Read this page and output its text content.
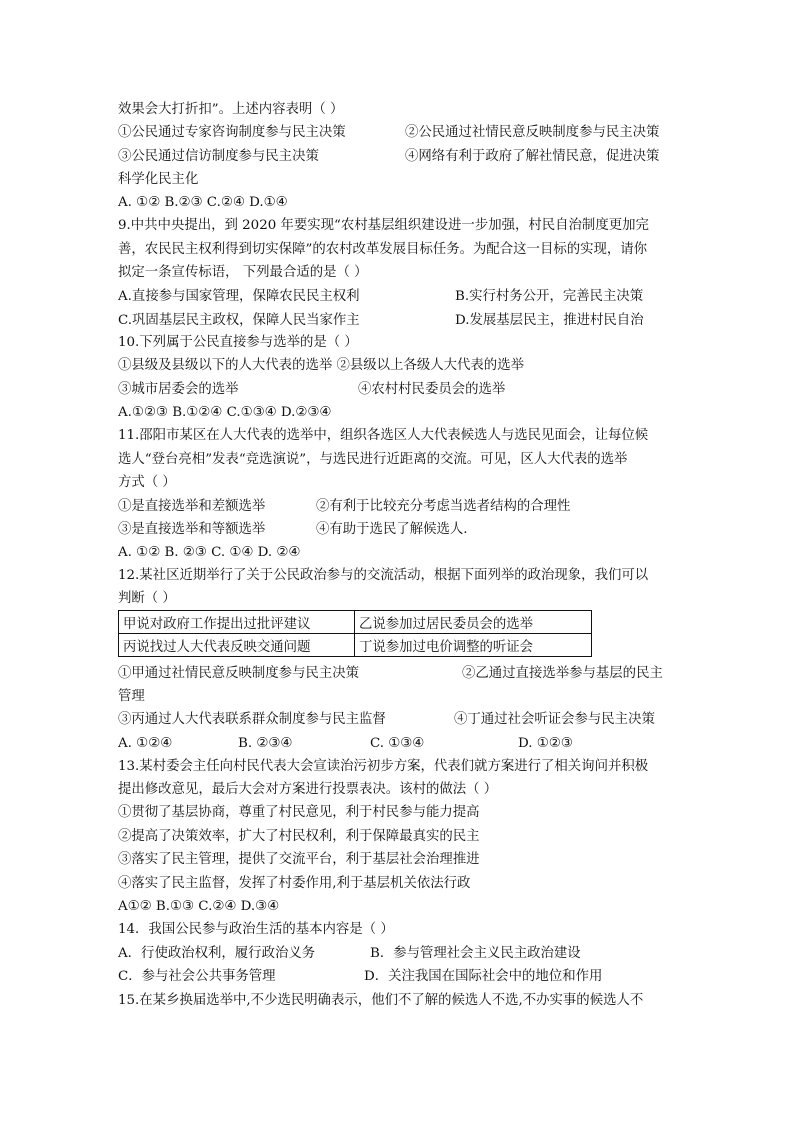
效果会大打折扣”。上述内容表明（ ）
①公民通过专家咨询制度参与民主决策	②公民通过社情民意反映制度参与民主决策
③公民通过信访制度参与民主决策	④网络有利于政府了解社情民意，促进决策
科学化民主化
A. ①② B.②③ C.②④ D.①④
9.中共中央提出，到 2020 年要实现“农村基层组织建设进一步加强，村民自治制度更加完
善，农民民主权利得到切实保障”的农村改革发展目标任务。为配合这一目标的实现，请你
拟定一条宣传标语， 下列最合适的是（ ）
A.直接参与国家管理，保障农民民主权利	B.实行村务公开，完善民主决策
C.巩固基层民主政权，保障人民当家作主	D.发展基层民主，推进村民自治
10.下列属于公民直接参与选举的是（ ）
①县级及县级以下的人大代表的选举 ②县级以上各级人大代表的选举
③城市居委会的选举	④农村村民委员会的选举
A.①②③ B.①②④ C.①③④ D.②③④
11.邵阳市某区在人大代表的选举中，组织各选区人大代表候选人与选民见面会，让每位候
选人“登台亮相”发表“竞选演说”，与选民进行近距离的交流。可见，区人大代表的选举
方式（ ）
①是直接选举和差额选举	②有利于比较充分考虑当选者结构的合理性
③是直接选举和等额选举	④有助于选民了解候选人.
A. ①② B. ②③ C. ①④ D. ②④
12.某社区近期举行了关于公民政治参与的交流活动，根据下面列举的政治现象，我们可以
判断（ ）
甲说对政府工作提出过批评建议	乙说参加过居民委员会的选举
丙说找过人大代表反映交通问题	丁说参加过电价调整的听证会
①甲通过社情民意反映制度参与民主决策	②乙通过直接选举参与基层的民主
管理
③丙通过人大代表联系群众制度参与民主监督	④丁通过社会听证会参与民主决策
A. ①②④	B. ②③④	C. ①③④	D. ①②③
13.某村委会主任向村民代表大会宣读治污初步方案，代表们就方案进行了相关询问并积极
提出修改意见，最后大会对方案进行投票表决。该村的做法（ ）
①贯彻了基层协商，尊重了村民意见，利于村民参与能力提高
②提高了决策效率，扩大了村民权利，利于保障最真实的民主
③落实了民主管理，提供了交流平台，利于基层社会治理推进
④落实了民主监督，发挥了村委作用,利于基层机关依法行政
A①② B.①③ C.②④ D.③④
14．我国公民参与政治生活的基本内容是（ ）
A．行使政治权利，履行政治义务	B．参与管理社会主义民主政治建设
C．参与社会公共事务管理	D．关注我国在国际社会中的地位和作用
15.在某乡换届选举中,不少选民明确表示，他们不了解的候选人不选,不办实事的候选人不
